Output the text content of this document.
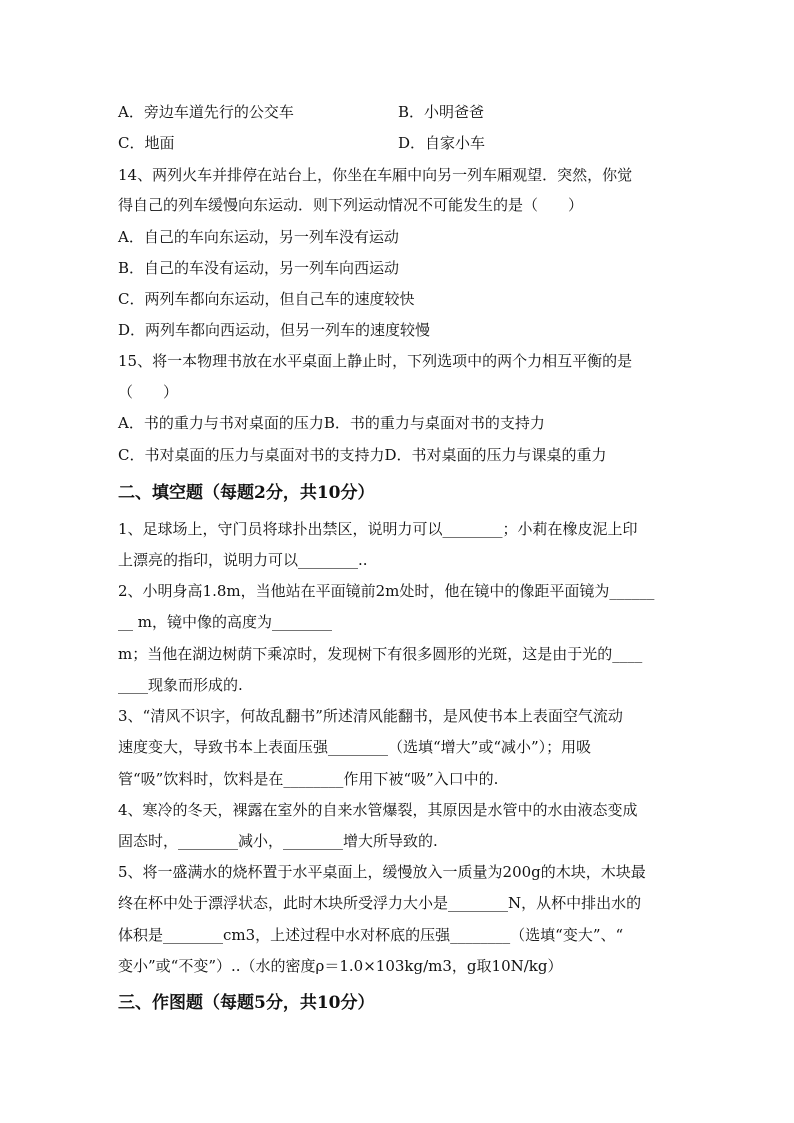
A．旁边车道先行的公交车	B．小明爸爸
C．地面	D．自家小车
14、两列火车并排停在站台上，你坐在车厢中向另一列车厢观望．突然，你觉
得自己的列车缓慢向东运动．则下列运动情况不可能发生的是（　　）
A．自己的车向东运动，另一列车没有运动
B．自己的车没有运动，另一列车向西运动
C．两列车都向东运动，但自己车的速度较快
D．两列车都向西运动，但另一列车的速度较慢
15、将一本物理书放在水平桌面上静止时，下列选项中的两个力相互平衡的是
（　　）
A．书的重力与书对桌面的压力B．书的重力与桌面对书的支持力
C．书对桌面的压力与桌面对书的支持力D．书对桌面的压力与课桌的重力
二、填空题（每题2分，共10分）
1、足球场上，守门员将球扑出禁区，说明力可以________；小莉在橡皮泥上印
上漂亮的指印，说明力可以________..
2、小明身高1.8m，当他站在平面镜前2m处时，他在镜中的像距平面镜为______
__ m，镜中像的高度为________
m；当他在湖边树荫下乘凉时，发现树下有很多圆形的光斑，这是由于光的____
____现象而形成的.
3、“清风不识字，何故乱翻书”所述清风能翻书，是风使书本上表面空气流动
速度变大，导致书本上表面压强________（选填“增大”或“减小”）；用吸
管“吸”饮料时，饮料是在________作用下被“吸”入口中的.
4、寒冷的冬天，裸露在室外的自来水管爆裂，其原因是水管中的水由液态变成
固态时，________减小，________增大所导致的.
5、将一盛满水的烧杯置于水平桌面上，缓慢放入一质量为200g的木块，木块最
终在杯中处于漂浮状态，此时木块所受浮力大小是________N，从杯中排出水的
体积是________cm3，上述过程中水对杯底的压强________（选填“变大”、“
变小”或“不变”）..（水的密度ρ＝1.0×103kg/m3，g取10N/kg）
三、作图题（每题5分，共10分）
